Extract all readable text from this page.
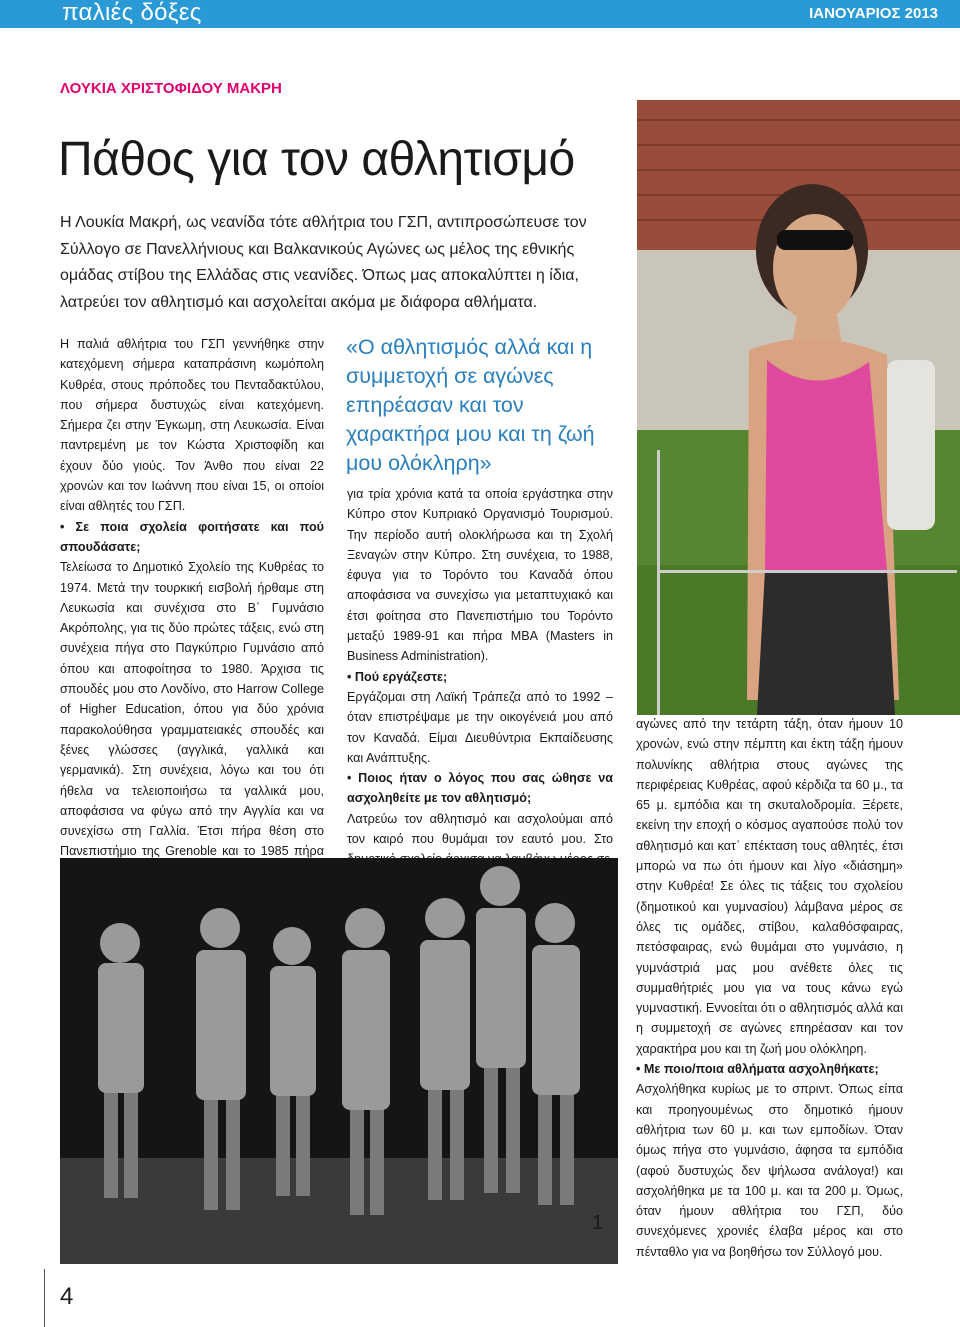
παλιές δόξες	ΙΑΝΟΥΑΡΙΟΣ 2013
ΛΟΥΚΙΑ ΧΡΙΣΤΟΦΙΔΟΥ ΜΑΚΡΗ
Πάθος για τον αθλητισμό
Η Λουκία Μακρή, ως νεανίδα τότε αθλήτρια του ΓΣΠ, αντιπροσώπευσε τον Σύλλογο σε Πανελλήνιους και Βαλκανικούς Αγώνες ως μέλος της εθνικής ομάδας στίβου της Ελλάδας στις νεανίδες. Όπως μας αποκαλύπτει η ίδια, λατρεύει τον αθλητισμό και ασχολείται ακόμα με διάφορα αθλήματα.
«Ο αθλητισμός αλλά και η συμμετοχή σε αγώνες επηρέασαν και τον χαρακτήρα μου και τη ζωή μου ολόκληρη»

Η παλιά αθλήτρια του ΓΣΠ γεννήθηκε στην κατεχόμενη σήμερα καταπράσινη κωμόπολη Κυθρέα, στους πρόποδες του Πενταδακτύλου, που σήμερα δυστυχώς είναι κατεχόμενη. Σήμερα ζει στην Έγκωμη, στη Λευκωσία. Είναι παντρεμένη με τον Κώστα Χριστοφίδη και έχουν δύο γιούς. Τον Άνθο που είναι 22 χρονών και τον Ιωάννη που είναι 15, οι οποίοι είναι αθλητές του ΓΣΠ.

• Σε ποια σχολεία φοιτήσατε και πού σπουδάσατε;

Τελείωσα το Δημοτικό Σχολείο της Κυθρέας το 1974. Μετά την τουρκική εισβολή ήρθαμε στη Λευκωσία και συνέχισα στο Β΄ Γυμνάσιο Ακρόπολης, για τις δύο πρώτες τάξεις, ενώ στη συνέχεια πήγα στο Παγκύπριο Γυμνάσιο από όπου και αποφοίτησα το 1980. Άρχισα τις σπουδές μου στο Λονδίνο, στο Harrow College of Higher Education, όπου για δύο χρόνια παρακολούθησα γραμματειακές σπουδές και ξένες γλώσσες (αγγλικά, γαλλικά και γερμανικά). Στη συνέχεια, λόγω και του ότι ήθελα να τελειοποιήσω τα γαλλικά μου, αποφάσισα να φύγω από την Αγγλία και να συνεχίσω στη Γαλλία. Έτσι πήρα θέση στο Πανεπιστήμιο της Grenoble και το 1985 πήρα

για τρία χρόνια κατά τα οποία εργάστηκα στην Κύπρο στον Κυπριακό Οργανισμό Τουρισμού. Την περίοδο αυτή ολοκλήρωσα και τη Σχολή Ξεναγών στην Κύπρο. Στη συνέχεια, το 1988, έφυγα για το Τορόντο του Καναδά όπου αποφάσισα να συνεχίσω για μεταπτυχιακό και έτσι φοίτησα στο Πανεπιστήμιο του Τορόντο μεταξύ 1989-91 και πήρα ΜΒΑ (Masters in Business Administration).

• Πού εργάζεστε;

Εργάζομαι στη Λαϊκή Τράπεζα από το 1992 – όταν επιστρέψαμε με την οικογένειά μου από τον Καναδά. Είμαι Διευθύντρια Εκπαίδευσης και Ανάπτυξης.

• Ποιος ήταν ο λόγος που σας ώθησε να ασχοληθείτε με τον αθλητισμό;

Λατρεύω τον αθλητισμό και ασχολούμαι από τον καιρό που θυμάμαι τον εαυτό μου. Στο

αγώνες από την τετάρτη τάξη, όταν ήμουν 10 χρονών, ενώ στην πέμπτη και έκτη τάξη ήμουν πολυνίκης αθλήτρια στους αγώνες της περιφέρειας Κυθρέας, αφού κέρδιζα τα 60 μ., τα 65 μ. εμπόδια και τη σκυταλοδρομία. Ξέρετε, εκείνη την εποχή ο κόσμος αγαπούσε πολύ τον αθλητισμό και κατ᾽ επέκταση τους αθλητές, έτσι μπορώ να πω ότι ήμουν και λίγο «διάσημη» στην Κυθρέα! Σε όλες τις τάξεις του σχολείου (δημοτικού και γυμνασίου) λάμβανα μέρος σε όλες τις ομάδες, στίβου, καλαθόσφαιρας, πετόσφαιρας, ενώ θυμάμαι στο γυμνάσιο, η γυμνάστριά μας μου ανέθετε όλες τις συμμαθήτριές μου για να τους κάνω εγώ γυμναστική. Εννοείται ότι ο αθλητισμός αλλά και η συμμετοχή σε αγώνες επηρέασαν και τον χαρακτήρα μου και τη ζωή μου ολόκληρη.

• Με ποιο/ποια αθλήματα ασχοληθήκατε;

Ασχολήθηκα κυρίως με το σπριντ. Όπως είπα και προηγουμένως στο δημοτικό ήμουν αθλήτρια των 60 μ. και των εμποδίων. Όταν όμως πήγα στο γυμνάσιο, άφησα τα εμπόδια (αφού δυστυχώς δεν ψήλωσα ανάλογα!) και ασχολήθηκα με τα 100 μ. και τα 200 μ. Όμως, όταν ήμουν αθλήτρια του ΓΣΠ, δύο συνεχόμενες χρονιές έλαβα μέρος και στο πένταθλο για να βοηθήσω τον Σύλλογό μου.

1
4
